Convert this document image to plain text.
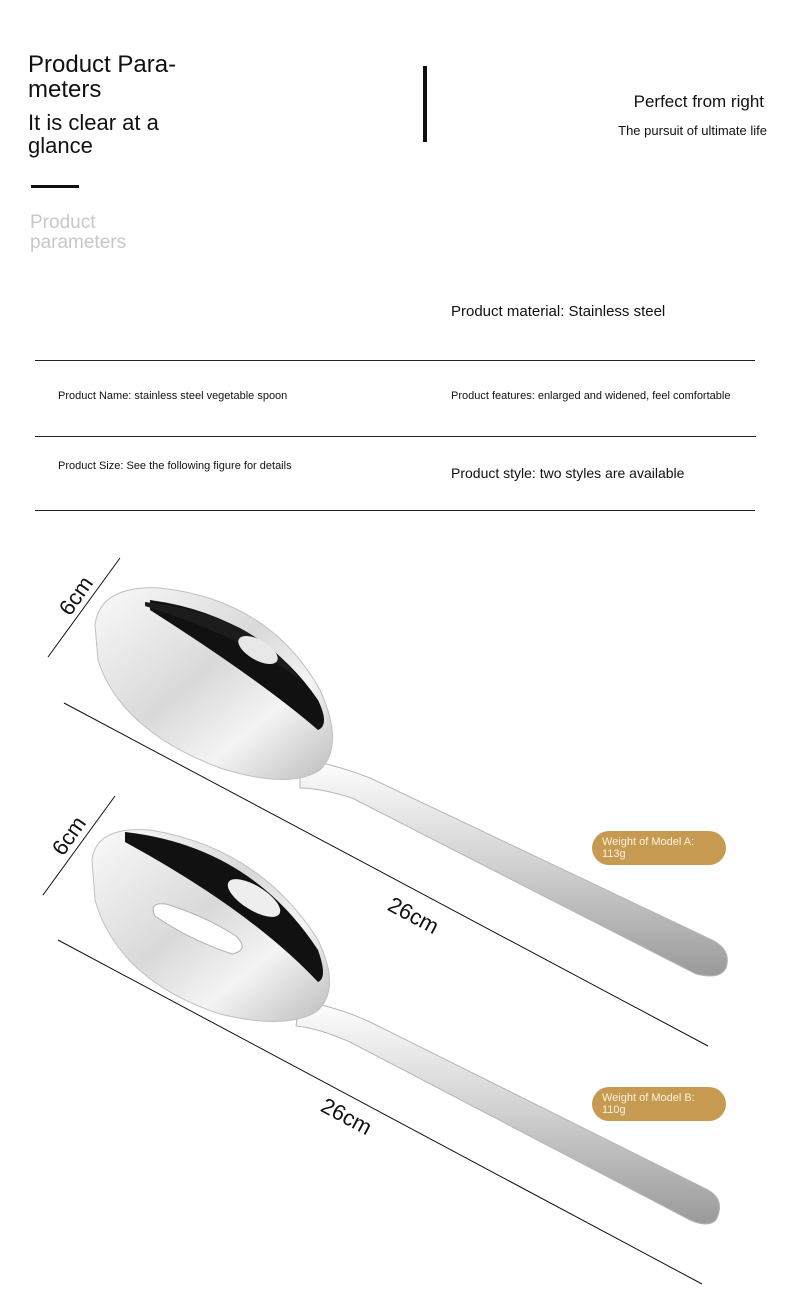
Product Para-
meters
It is clear at a glance
Product parameters
Perfect from right
The pursuit of ultimate life
Product material: Stainless steel
Product Name: stainless steel vegetable spoon	Product features: enlarged and widened, feel comfortable
Product Size: See the following figure for details	Product style: two styles are available
6cm
26cm
6cm
26cm
Weight of Model A: 113g
Weight of Model B: 110g
